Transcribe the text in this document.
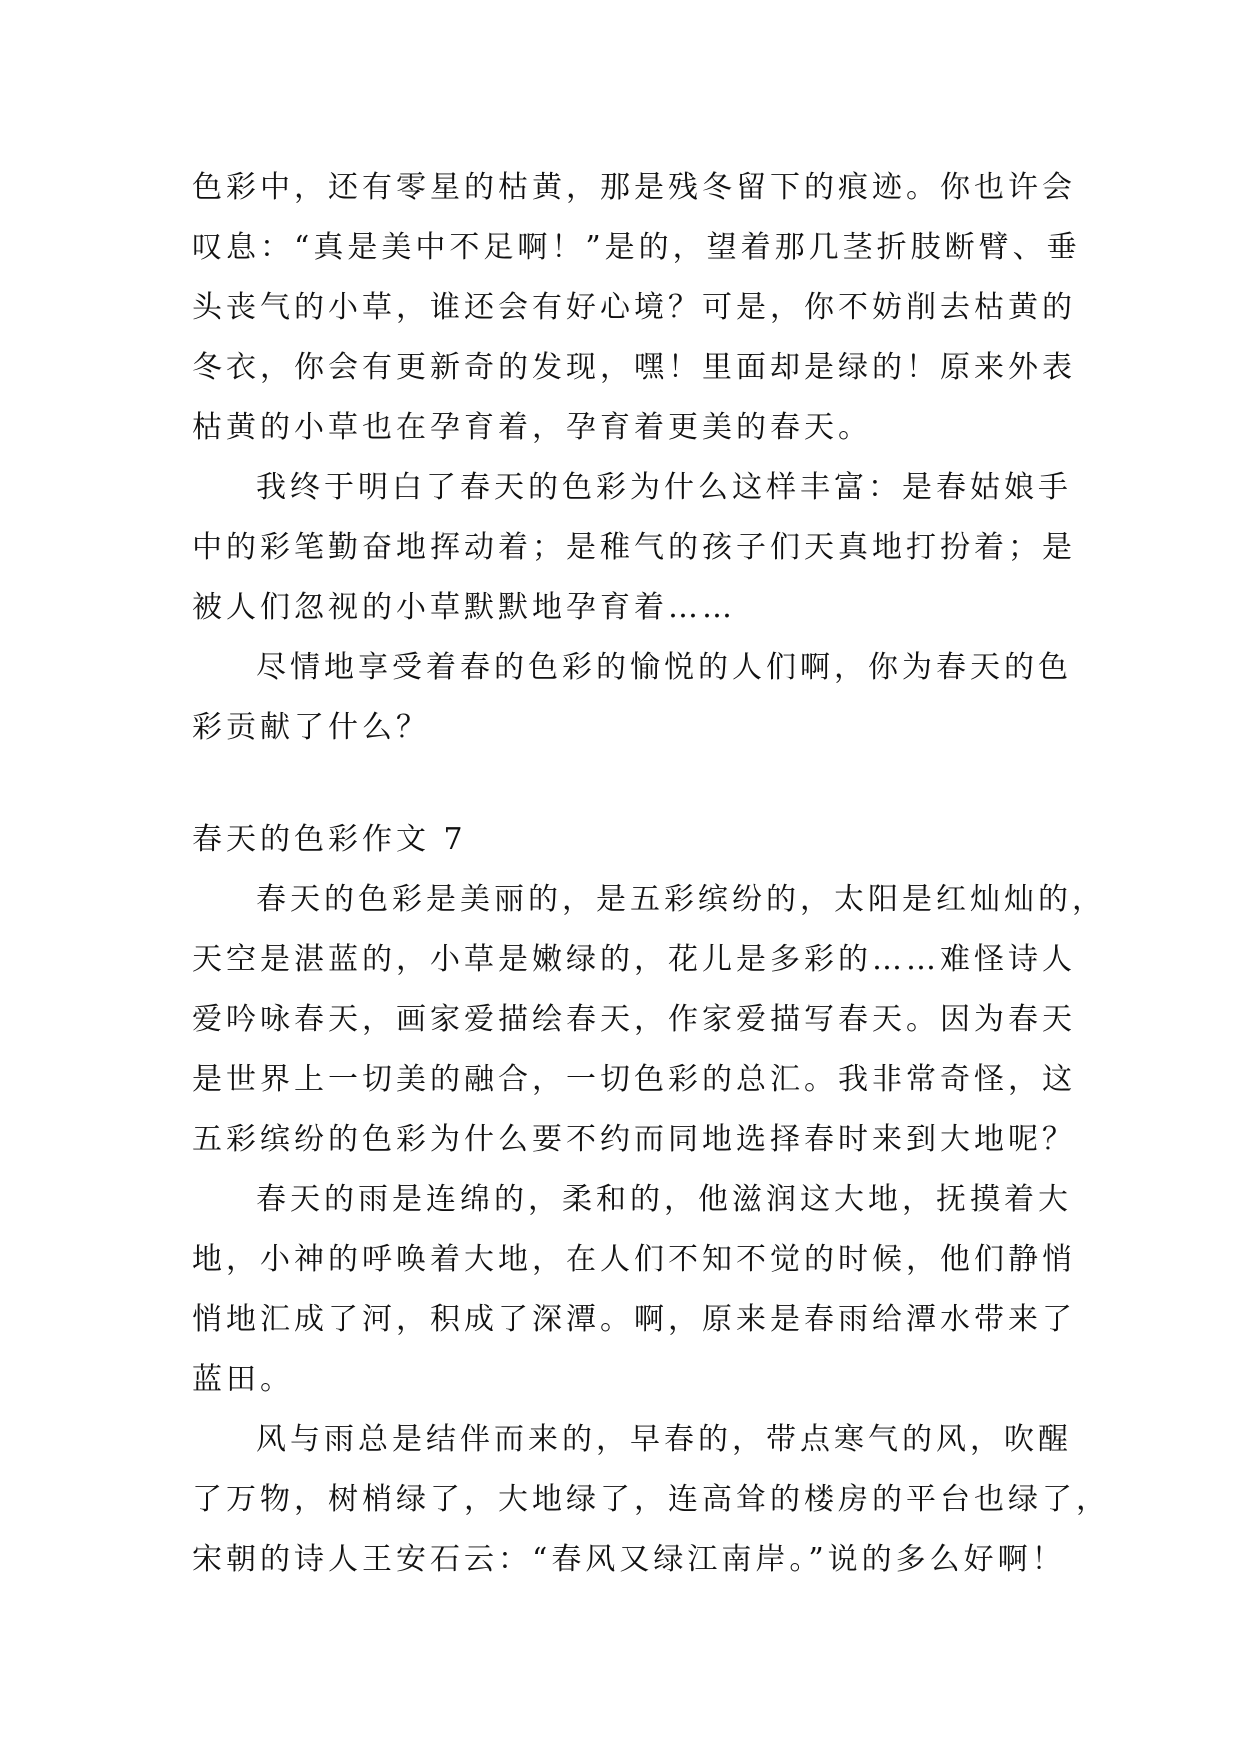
色彩中，还有零星的枯黄，那是残冬留下的痕迹。你也许会
叹息：“真是美中不足啊！”是的，望着那几茎折肢断臂、垂
头丧气的小草，谁还会有好心境？可是，你不妨削去枯黄的
冬衣，你会有更新奇的发现，嘿！里面却是绿的！原来外表
枯黄的小草也在孕育着，孕育着更美的春天。
我终于明白了春天的色彩为什么这样丰富：是春姑娘手
中的彩笔勤奋地挥动着；是稚气的孩子们天真地打扮着；是
被人们忽视的小草默默地孕育着……
尽情地享受着春的色彩的愉悦的人们啊，你为春天的色
彩贡献了什么？
春天的色彩作文 7
春天的色彩是美丽的，是五彩缤纷的，太阳是红灿灿的，
天空是湛蓝的，小草是嫩绿的，花儿是多彩的……难怪诗人
爱吟咏春天，画家爱描绘春天，作家爱描写春天。因为春天
是世界上一切美的融合，一切色彩的总汇。我非常奇怪，这
五彩缤纷的色彩为什么要不约而同地选择春时来到大地呢？
春天的雨是连绵的，柔和的，他滋润这大地，抚摸着大
地，小神的呼唤着大地，在人们不知不觉的时候，他们静悄
悄地汇成了河，积成了深潭。啊，原来是春雨给潭水带来了
蓝田。
风与雨总是结伴而来的，早春的，带点寒气的风，吹醒
了万物，树梢绿了，大地绿了，连高耸的楼房的平台也绿了，
宋朝的诗人王安石云：“春风又绿江南岸。”说的多么好啊！
